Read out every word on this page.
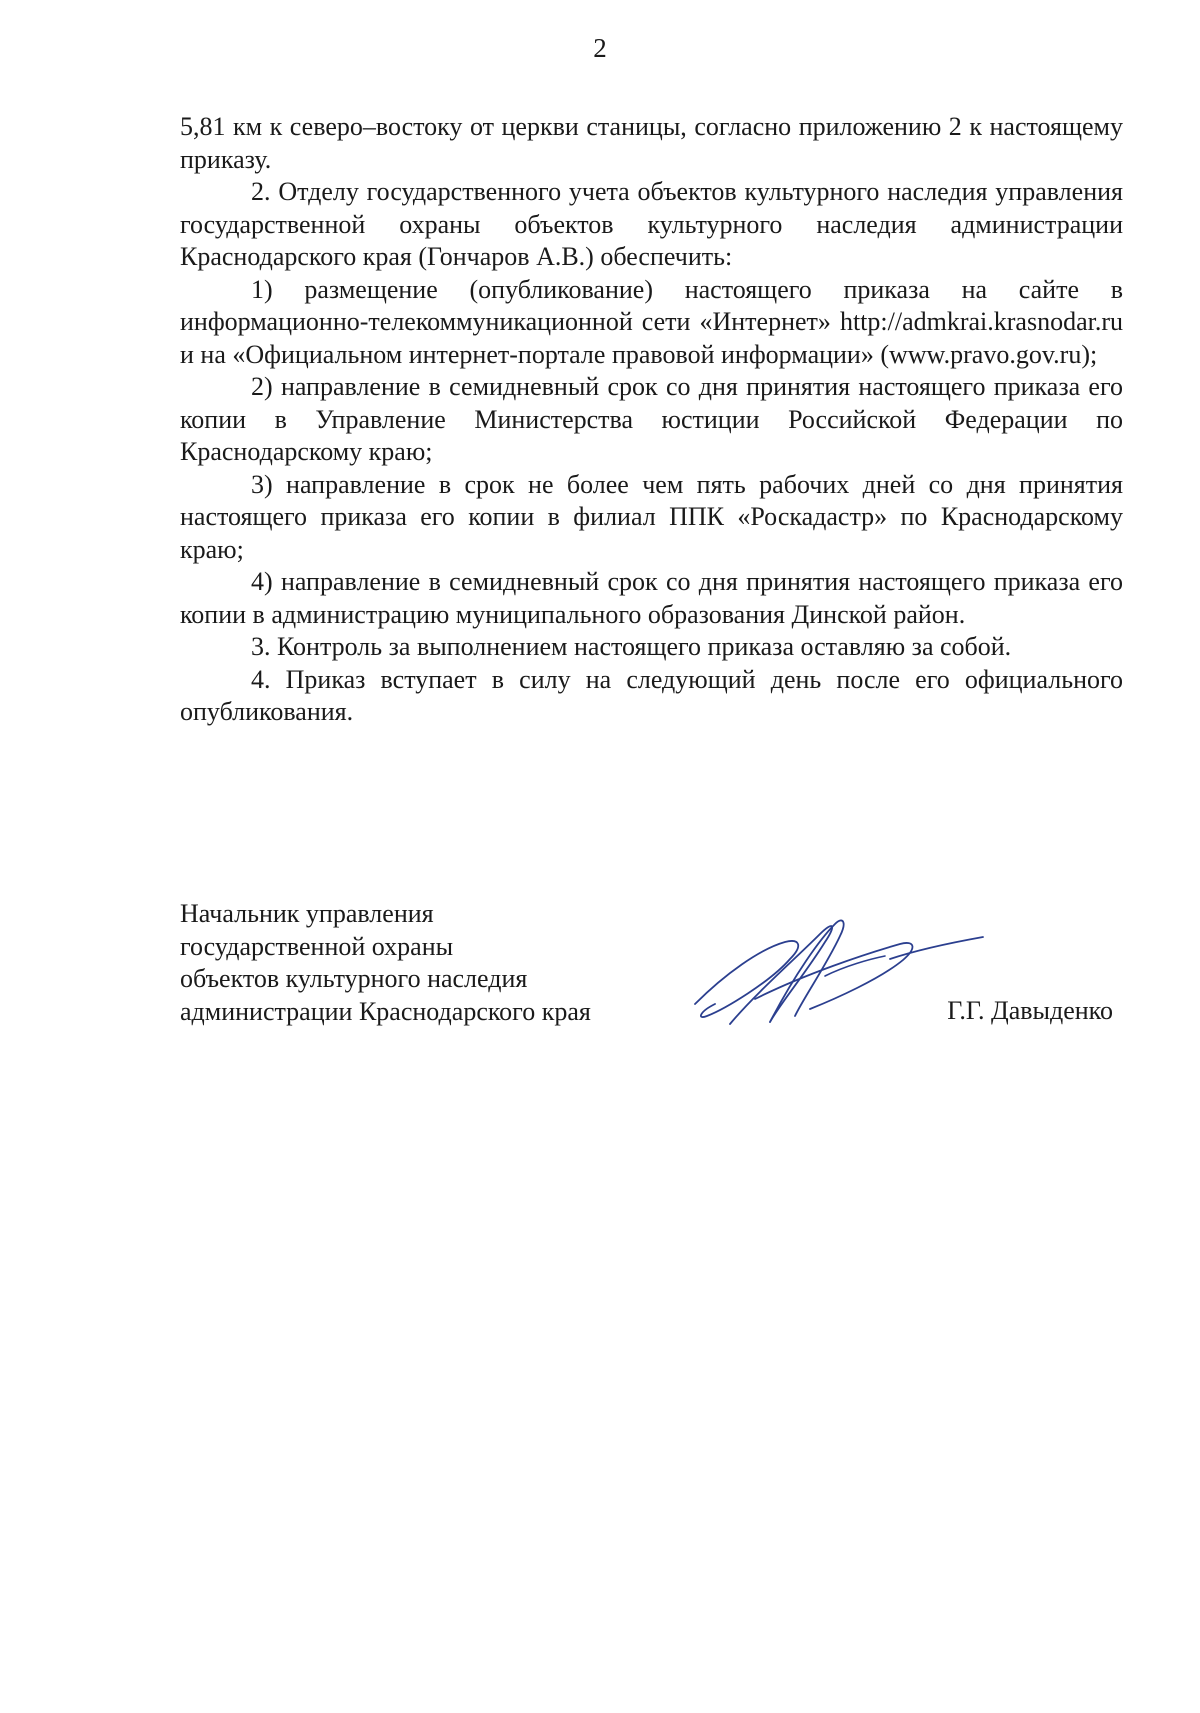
2

5,81 км к северо–востоку от церкви станицы, согласно приложению 2 к настоящему приказу.

2. Отделу государственного учета объектов культурного наследия управления государственной охраны объектов культурного наследия администрации Краснодарского края (Гончаров А.В.) обеспечить:

1) размещение (опубликование) настоящего приказа на сайте в информационно-телекоммуникационной сети «Интернет» http://admkrai.krasnodar.ru и на «Официальном интернет-портале правовой информации» (www.pravo.gov.ru);

2) направление в семидневный срок со дня принятия настоящего приказа его копии в Управление Министерства юстиции Российской Федерации по Краснодарскому краю;

3) направление в срок не более чем пять рабочих дней со дня принятия настоящего приказа его копии в филиал ППК «Роскадастр» по Краснодарскому краю;

4) направление в семидневный срок со дня принятия настоящего приказа его копии в администрацию муниципального образования Динской район.

3. Контроль за выполнением настоящего приказа оставляю за собой.

4. Приказ вступает в силу на следующий день после его официального опубликования.

Начальник управления
государственной охраны
объектов культурного наследия
администрации Краснодарского края	Г.Г. Давыденко
